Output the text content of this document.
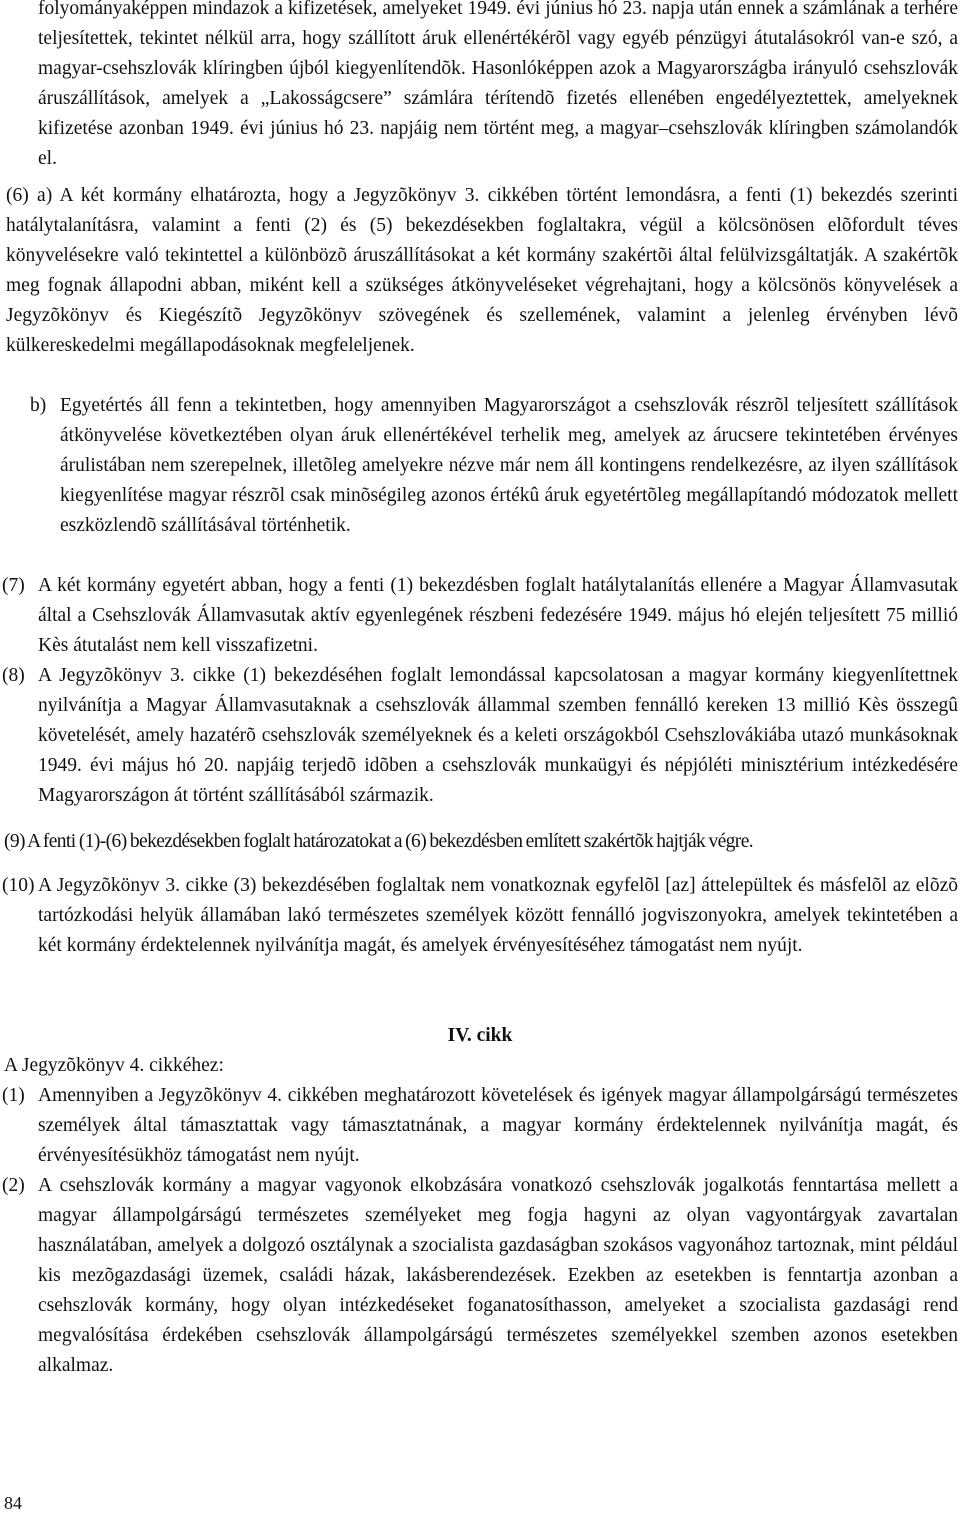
folyományaképpen mindazok a kifizetések, amelyeket 1949. évi június hó 23. napja után ennek a számlának a terhére teljesítettek, tekintet nélkül arra, hogy szállított áruk ellenértékérõl vagy egyéb pénzügyi átutalásokról van-e szó, a magyar-csehszlovák klíringben újból kiegyenlítendõk. Hasonlóképpen azok a Magyarországba irányuló csehszlovák áruszállítások, amelyek a „Lakosságcsere” számlára térítendõ fizetés ellenében engedélyeztettek, amelyeknek kifizetése azonban 1949. évi június hó 23. napjáig nem történt meg, a magyar–csehszlovák klíringben számolandók el.

(6) a) A két kormány elhatározta, hogy a Jegyzõkönyv 3. cikkében történt lemondásra, a fenti (1) bekezdés szerinti hatálytalanításra, valamint a fenti (2) és (5) bekezdésekben foglaltakra, végül a kölcsönösen elõfordult téves könyvelésekre való tekintettel a különbözõ áruszállításokat a két kormány szakértõi által felülvizsgáltatják. A szakértõk meg fognak állapodni abban, miként kell a szükséges átkönyveléseket végrehajtani, hogy a kölcsönös könyvelések a Jegyzõkönyv és Kiegészítõ Jegyzõkönyv szövegének és szellemének, valamint a jelenleg érvényben lévõ külkereskedelmi megállapodásoknak megfeleljenek.

b) Egyetértés áll fenn a tekintetben, hogy amennyiben Magyarországot a csehszlovák részrõl teljesített szállítások átkönyvelése következtében olyan áruk ellenértékével terhelik meg, amelyek az árucsere tekintetében érvényes árulistában nem szerepelnek, illetõleg amelyekre nézve már nem áll kontingens rendelkezésre, az ilyen szállítások kiegyenlítése magyar részrõl csak minõségileg azonos értékû áruk egyetértõleg megállapítandó módozatok mellett eszközlendõ szállításával történhetik.
(7) A két kormány egyetért abban, hogy a fenti (1) bekezdésben foglalt hatálytalanítás ellenére a Magyar Államvasutak által a Csehszlovák Államvasutak aktív egyenlegének részbeni fedezésére 1949. május hó elején teljesített 75 millió Kès átutalást nem kell visszafizetni.
(8) A Jegyzõkönyv 3. cikke (1) bekezdéséhen foglalt lemondással kapcsolatosan a magyar kormány kiegyenlítettnek nyilvánítja a Magyar Államvasutaknak a csehszlovák állammal szemben fennálló kereken 13 millió Kès összegû követelését, amely hazatérõ csehszlovák személyeknek és a keleti országokból Csehszlovákiába utazó munkásoknak 1949. évi május hó 20. napjáig terjedõ idõben a csehszlovák munkaügyi és népjóléti minisztérium intézkedésére Magyarországon át történt szállításából származik.

(9) A fenti (1)-(6) bekezdésekben foglalt határozatokat a (6) bekezdésben említett szakértõk hajtják végre.

(10) A Jegyzõkönyv 3. cikke (3) bekezdésében foglaltak nem vonatkoznak egyfelõl [az] áttelepültek és másfelõl az elõzõ tartózkodási helyük államában lakó természetes személyek között fennálló jogviszonyokra, amelyek tekintetében a két kormány érdektelennek nyilvánítja magát, és amelyek érvényesítéséhez támogatást nem nyújt.
IV. cikk
A Jegyzõkönyv 4. cikkéhez:
(1) Amennyiben a Jegyzõkönyv 4. cikkében meghatározott követelések és igények magyar állampolgárságú természetes személyek által támasztattak vagy támasztatnának, a magyar kormány érdektelennek nyilvánítja magát, és érvényesítésükhöz támogatást nem nyújt.
(2) A csehszlovák kormány a magyar vagyonok elkobzására vonatkozó csehszlovák jogalkotás fenntartása mellett a magyar állampolgárságú természetes személyeket meg fogja hagyni az olyan vagyontárgyak zavartalan használatában, amelyek a dolgozó osztálynak a szocialista gazdaságban szokásos vagyonához tartoznak, mint például kis mezõgazdasági üzemek, családi házak, lakásberendezések. Ezekben az esetekben is fenntartja azonban a csehszlovák kormány, hogy olyan intézkedéseket foganatosíthasson, amelyeket a szocialista gazdasági rend megvalósítása érdekében csehszlovák állampolgárságú természetes személyekkel szemben azonos esetekben alkalmaz.
84
